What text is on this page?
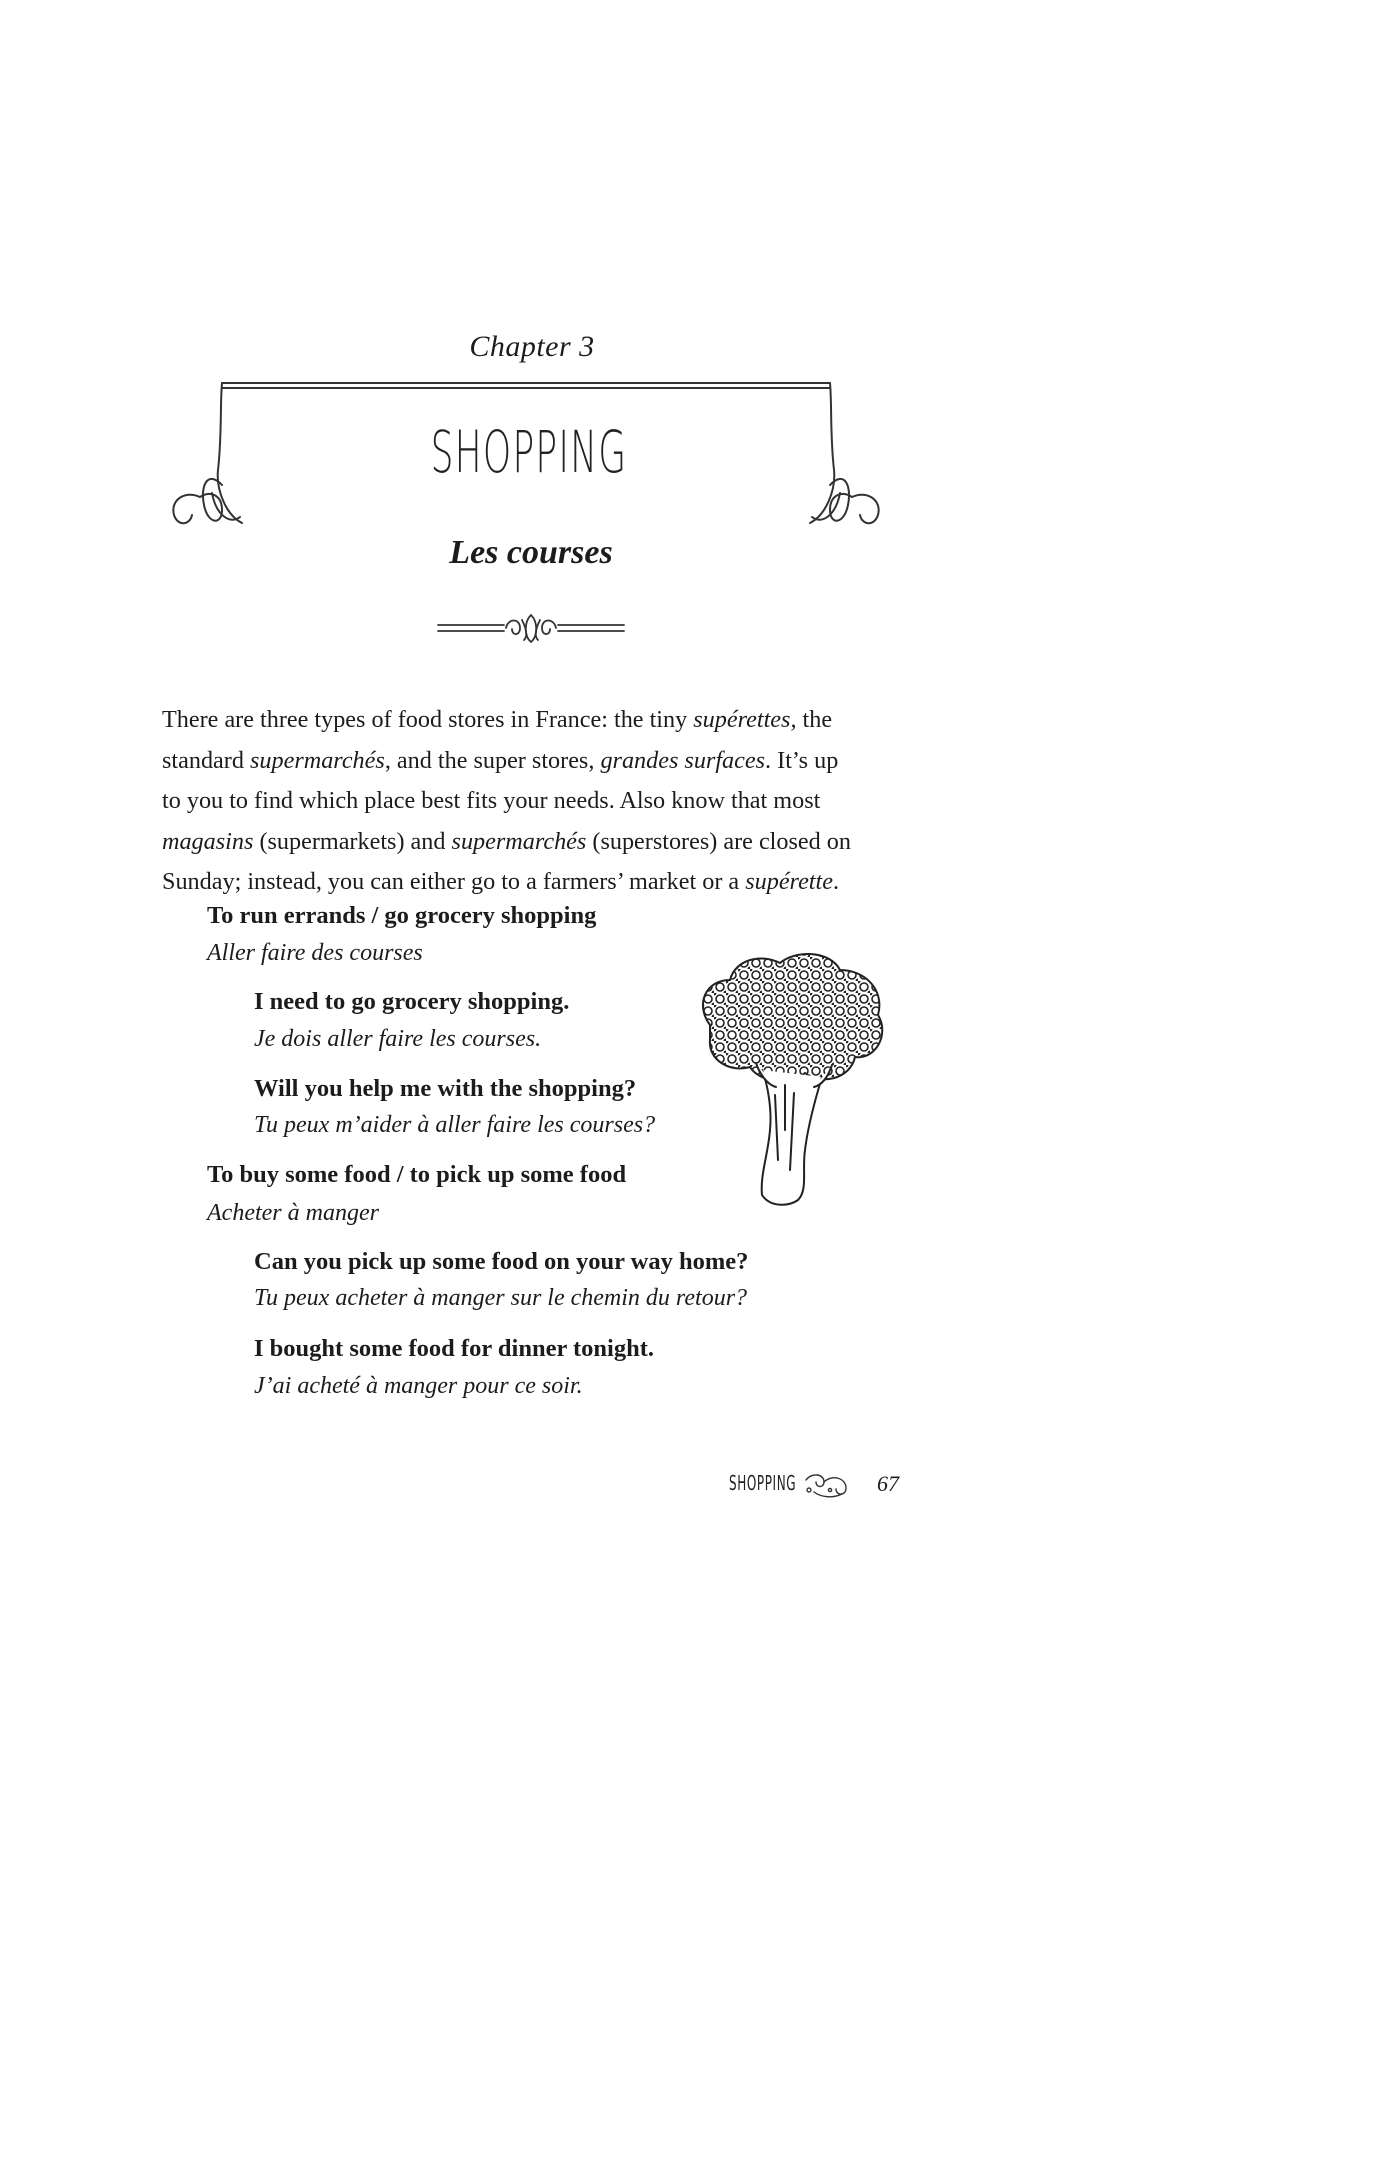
Chapter 3
SHOPPING
Les courses
There are three types of food stores in France: the tiny supérettes, the
standard supermarchés, and the super stores, grandes surfaces. It’s up
to you to find which place best fits your needs. Also know that most
magasins (supermarkets) and supermarchés (superstores) are closed on
Sunday; instead, you can either go to a farmers’ market or a supérette.
To run errands / go grocery shopping
Aller faire des courses
I need to go grocery shopping.
Je dois aller faire les courses.
Will you help me with the shopping?
Tu peux m’aider à aller faire les courses?
To buy some food / to pick up some food
Acheter à manger
Can you pick up some food on your way home?
Tu peux acheter à manger sur le chemin du retour?
I bought some food for dinner tonight.
J’ai acheté à manger pour ce soir.
SHOPPING	67
